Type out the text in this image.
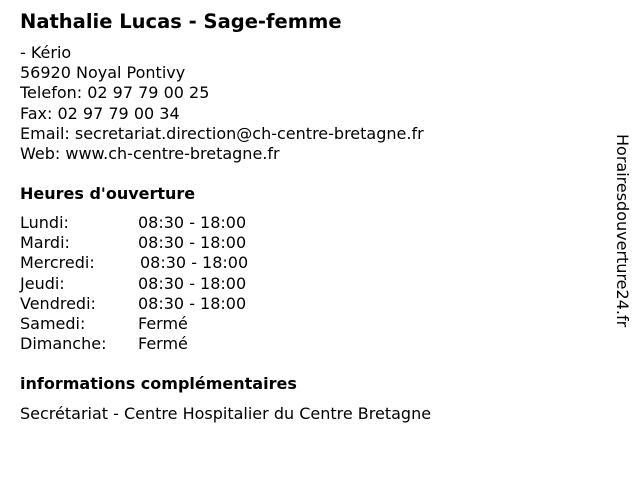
Nathalie Lucas - Sage-femme
- Kério
56920 Noyal Pontivy
Telefon: 02 97 79 00 25
Fax: 02 97 79 00 34
Email: secretariat.direction@ch-centre-bretagne.fr
Web: www.ch-centre-bretagne.fr
Heures d'ouverture
Lundi:	08:30 - 18:00
Mardi:	08:30 - 18:00
Mercredi:	08:30 - 18:00
Jeudi:	08:30 - 18:00
Vendredi:	08:30 - 18:00
Samedi:	Fermé
Dimanche: Fermé
informations complémentaires
Secrétariat - Centre Hospitalier du Centre Bretagne
Horairesdouverture24.fr
